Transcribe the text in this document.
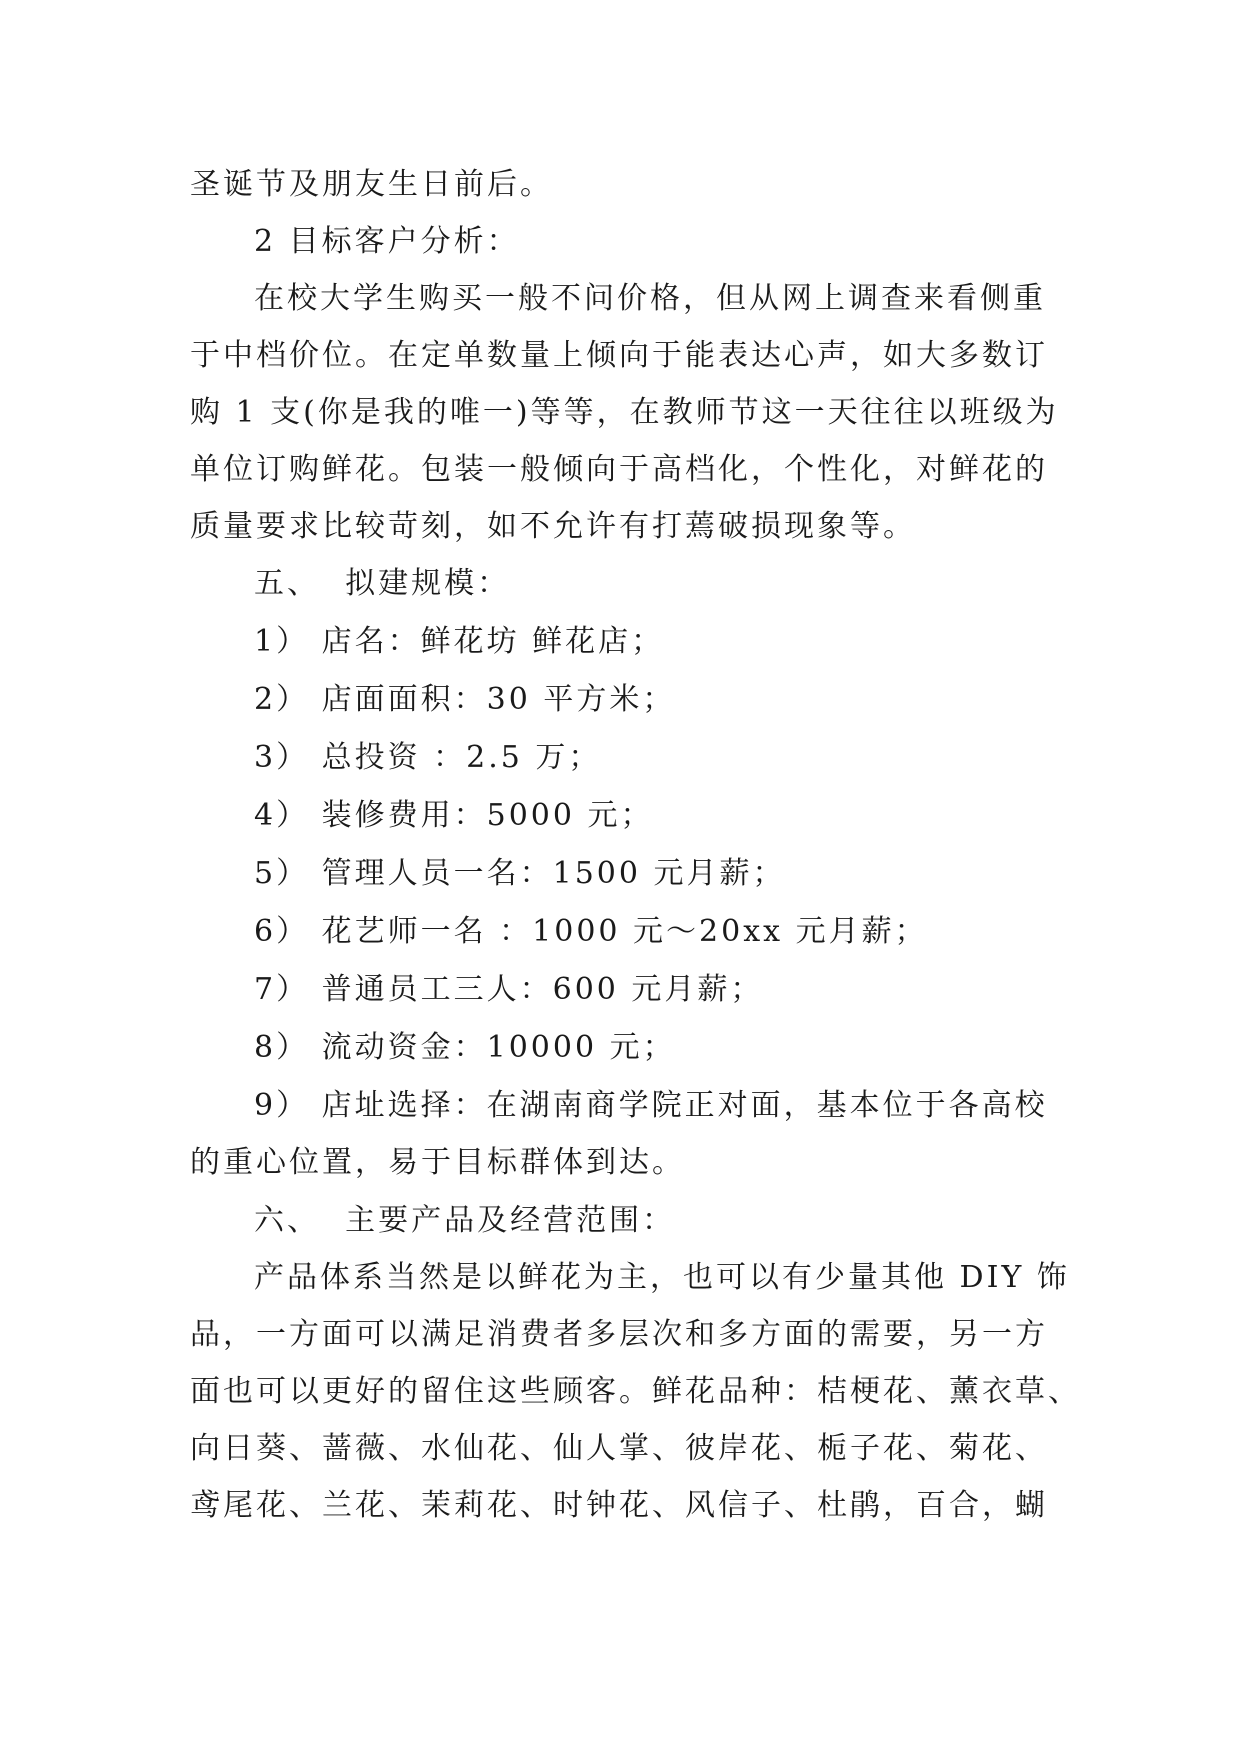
圣诞节及朋友生日前后。
2 目标客户分析：
在校大学生购买一般不问价格，但从网上调查来看侧重
于中档价位。在定单数量上倾向于能表达心声，如大多数订
购 1 支(你是我的唯一)等等，在教师节这一天往往以班级为
单位订购鲜花。包装一般倾向于高档化，个性化，对鲜花的
质量要求比较苛刻，如不允许有打蔫破损现象等。
五、  拟建规模：
1） 店名：鲜花坊 鲜花店；
2） 店面面积：30 平方米；
3） 总投资 ：2.5 万；
4） 装修费用：5000 元；
5） 管理人员一名：1500 元月薪；
6） 花艺师一名 ：1000 元～20xx 元月薪；
7） 普通员工三人：600 元月薪；
8） 流动资金：10000 元；
9） 店址选择：在湖南商学院正对面，基本位于各高校
的重心位置，易于目标群体到达。
六、  主要产品及经营范围：
产品体系当然是以鲜花为主，也可以有少量其他 DIY 饰
品，一方面可以满足消费者多层次和多方面的需要，另一方
面也可以更好的留住这些顾客。鲜花品种：桔梗花、薰衣草、
向日葵、蔷薇、水仙花、仙人掌、彼岸花、栀子花、菊花、
鸢尾花、兰花、茉莉花、时钟花、风信子、杜鹃，百合，蝴
